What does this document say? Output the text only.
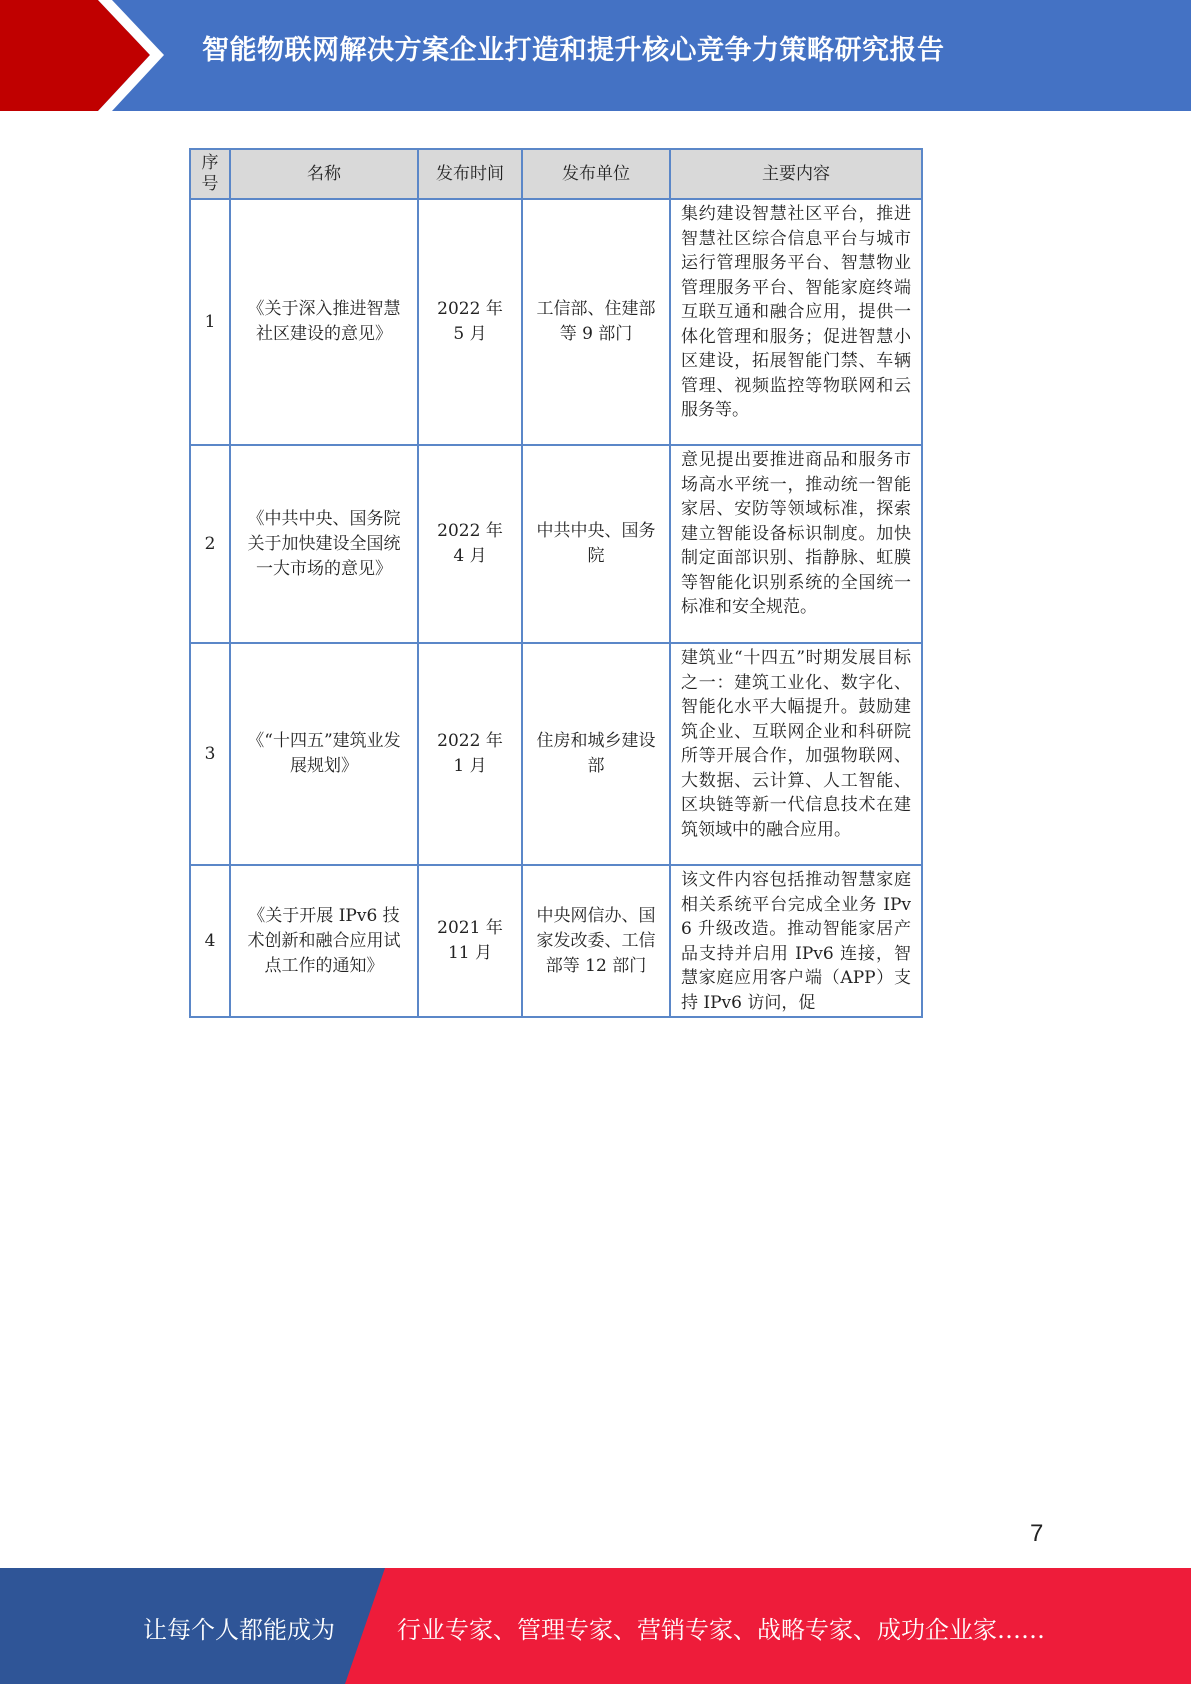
智能物联网解决方案企业打造和提升核心竞争力策略研究报告
序号	名称	发布时间	发布单位	主要内容
1	《关于深入推进智慧社区建设的意见》	2022 年 5 月	工信部、住建部等 9 部门	集约建设智慧社区平台，推进智慧社区综合信息平台与城市运行管理服务平台、智慧物业管理服务平台、智能家庭终端互联互通和融合应用，提供一体化管理和服务；促进智慧小区建设，拓展智能门禁、车辆管理、视频监控等物联网和云服务等。
2	《中共中央、国务院关于加快建设全国统一大市场的意见》	2022 年 4 月	中共中央、国务院	意见提出要推进商品和服务市场高水平统一，推动统一智能家居、安防等领域标准，探索建立智能设备标识制度。加快制定面部识别、指静脉、虹膜等智能化识别系统的全国统一标准和安全规范。
3	《“十四五”建筑业发展规划》	2022 年 1 月	住房和城乡建设部	建筑业“十四五”时期发展目标之一：建筑工业化、数字化、智能化水平大幅提升。鼓励建筑企业、互联网企业和科研院所等开展合作，加强物联网、大数据、云计算、人工智能、区块链等新一代信息技术在建筑领域中的融合应用。
4	《关于开展 IPv6 技术创新和融合应用试点工作的通知》	2021 年 11 月	中央网信办、国家发改委、工信部等 12 部门	该文件内容包括推动智慧家庭相关系统平台完成全业务 IPv6 升级改造。推动智能家居产品支持并启用 IPv6 连接，智慧家庭应用客户端（APP）支持 IPv6 访问，促
7
让每个人都能成为	行业专家、管理专家、营销专家、战略专家、成功企业家……
